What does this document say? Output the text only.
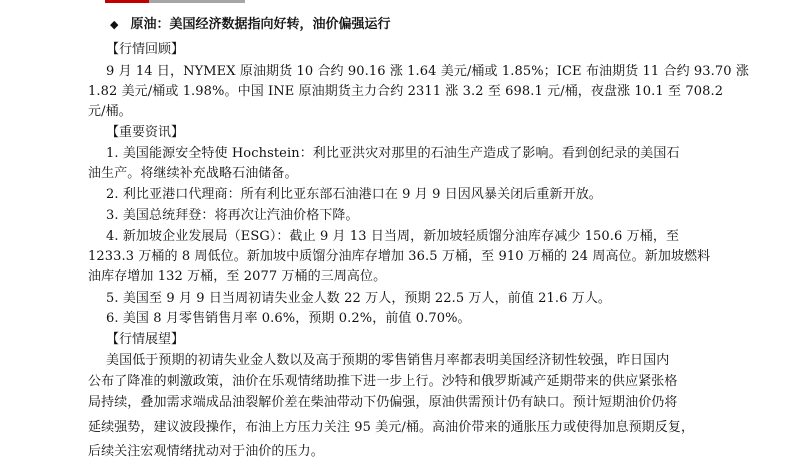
◆ 原油：美国经济数据指向好转，油价偏强运行
【行情回顾】
9 月 14 日，NYMEX 原油期货 10 合约 90.16 涨 1.64 美元/桶或 1.85%；ICE 布油期货 11 合约 93.70 涨
1.82 美元/桶或 1.98%。中国 INE 原油期货主力合约 2311 涨 3.2 至 698.1 元/桶，夜盘涨 10.1 至 708.2
元/桶。
【重要资讯】
1. 美国能源安全特使 Hochstein：利比亚洪灾对那里的石油生产造成了影响。看到创纪录的美国石
油生产。将继续补充战略石油储备。
2. 利比亚港口代理商：所有利比亚东部石油港口在 9 月 9 日因风暴关闭后重新开放。
3. 美国总统拜登：将再次让汽油价格下降。
4. 新加坡企业发展局（ESG）：截止 9 月 13 日当周，新加坡轻质馏分油库存减少 150.6 万桶，至
1233.3 万桶的 8 周低位。新加坡中质馏分油库存增加 36.5 万桶，至 910 万桶的 24 周高位。新加坡燃料
油库存增加 132 万桶，至 2077 万桶的三周高位。
5. 美国至 9 月 9 日当周初请失业金人数 22 万人，预期 22.5 万人，前值 21.6 万人。
6. 美国 8 月零售销售月率 0.6%，预期 0.2%，前值 0.70%。
【行情展望】
美国低于预期的初请失业金人数以及高于预期的零售销售月率都表明美国经济韧性较强，昨日国内
公布了降准的刺激政策，油价在乐观情绪助推下进一步上行。沙特和俄罗斯减产延期带来的供应紧张格
局持续，叠加需求端成品油裂解价差在柴油带动下仍偏强，原油供需预计仍有缺口。预计短期油价仍将
延续强势，建议波段操作，布油上方压力关注 95 美元/桶。高油价带来的通胀压力或使得加息预期反复，
后续关注宏观情绪扰动对于油价的压力。
